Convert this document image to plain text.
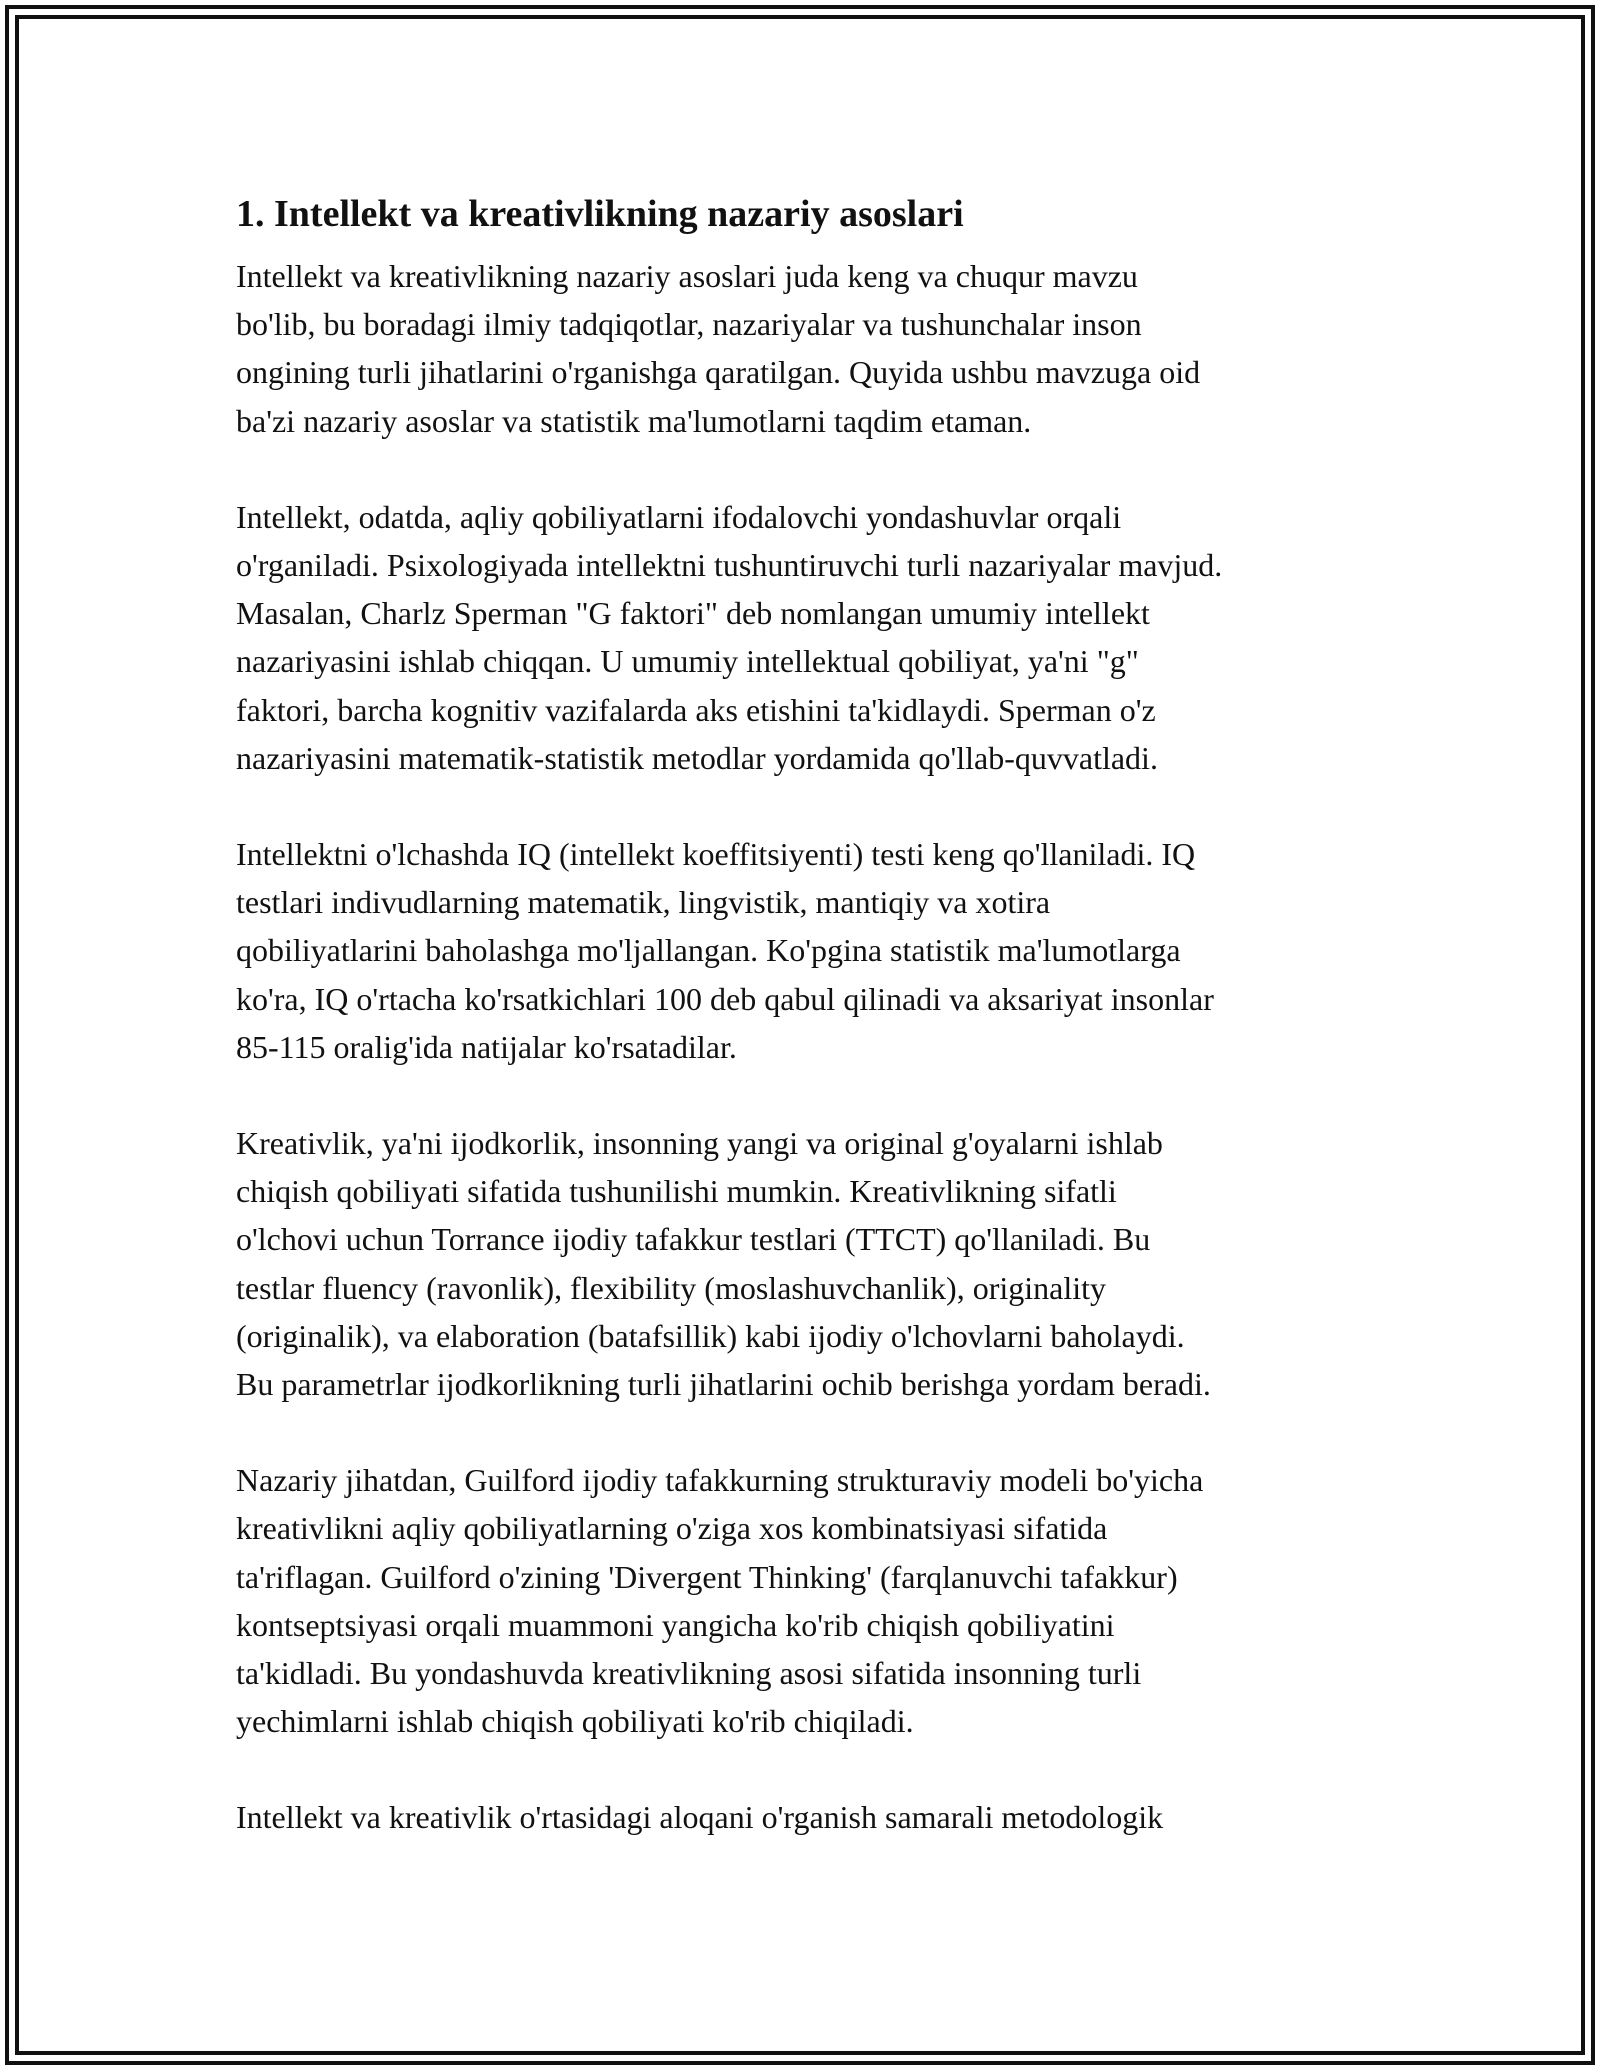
1. Intellekt va kreativlikning nazariy asoslari

Intellekt va kreativlikning nazariy asoslari juda keng va chuqur mavzu
bo'lib, bu boradagi ilmiy tadqiqotlar, nazariyalar va tushunchalar inson
ongining turli jihatlarini o'rganishga qaratilgan. Quyida ushbu mavzuga oid
ba'zi nazariy asoslar va statistik ma'lumotlarni taqdim etaman.

Intellekt, odatda, aqliy qobiliyatlarni ifodalovchi yondashuvlar orqali
o'rganiladi. Psixologiyada intellektni tushuntiruvchi turli nazariyalar mavjud.
Masalan, Charlz Sperman "G faktori" deb nomlangan umumiy intellekt
nazariyasini ishlab chiqqan. U umumiy intellektual qobiliyat, ya'ni "g"
faktori, barcha kognitiv vazifalarda aks etishini ta'kidlaydi. Sperman o'z
nazariyasini matematik-statistik metodlar yordamida qo'llab-quvvatladi.

Intellektni o'lchashda IQ (intellekt koeffitsiyenti) testi keng qo'llaniladi. IQ
testlari indivudlarning matematik, lingvistik, mantiqiy va xotira
qobiliyatlarini baholashga mo'ljallangan. Ko'pgina statistik ma'lumotlarga
ko'ra, IQ o'rtacha ko'rsatkichlari 100 deb qabul qilinadi va aksariyat insonlar
85-115 oralig'ida natijalar ko'rsatadilar.

Kreativlik, ya'ni ijodkorlik, insonning yangi va original g'oyalarni ishlab
chiqish qobiliyati sifatida tushunilishi mumkin. Kreativlikning sifatli
o'lchovi uchun Torrance ijodiy tafakkur testlari (TTCT) qo'llaniladi. Bu
testlar fluency (ravonlik), flexibility (moslashuvchanlik), originality
(originalik), va elaboration (batafsillik) kabi ijodiy o'lchovlarni baholaydi.
Bu parametrlar ijodkorlikning turli jihatlarini ochib berishga yordam beradi.

Nazariy jihatdan, Guilford ijodiy tafakkurning strukturaviy modeli bo'yicha
kreativlikni aqliy qobiliyatlarning o'ziga xos kombinatsiyasi sifatida
ta'riflagan. Guilford o'zining 'Divergent Thinking' (farqlanuvchi tafakkur)
kontseptsiyasi orqali muammoni yangicha ko'rib chiqish qobiliyatini
ta'kidladi. Bu yondashuvda kreativlikning asosi sifatida insonning turli
yechimlarni ishlab chiqish qobiliyati ko'rib chiqiladi.

Intellekt va kreativlik o'rtasidagi aloqani o'rganish samarali metodologik
